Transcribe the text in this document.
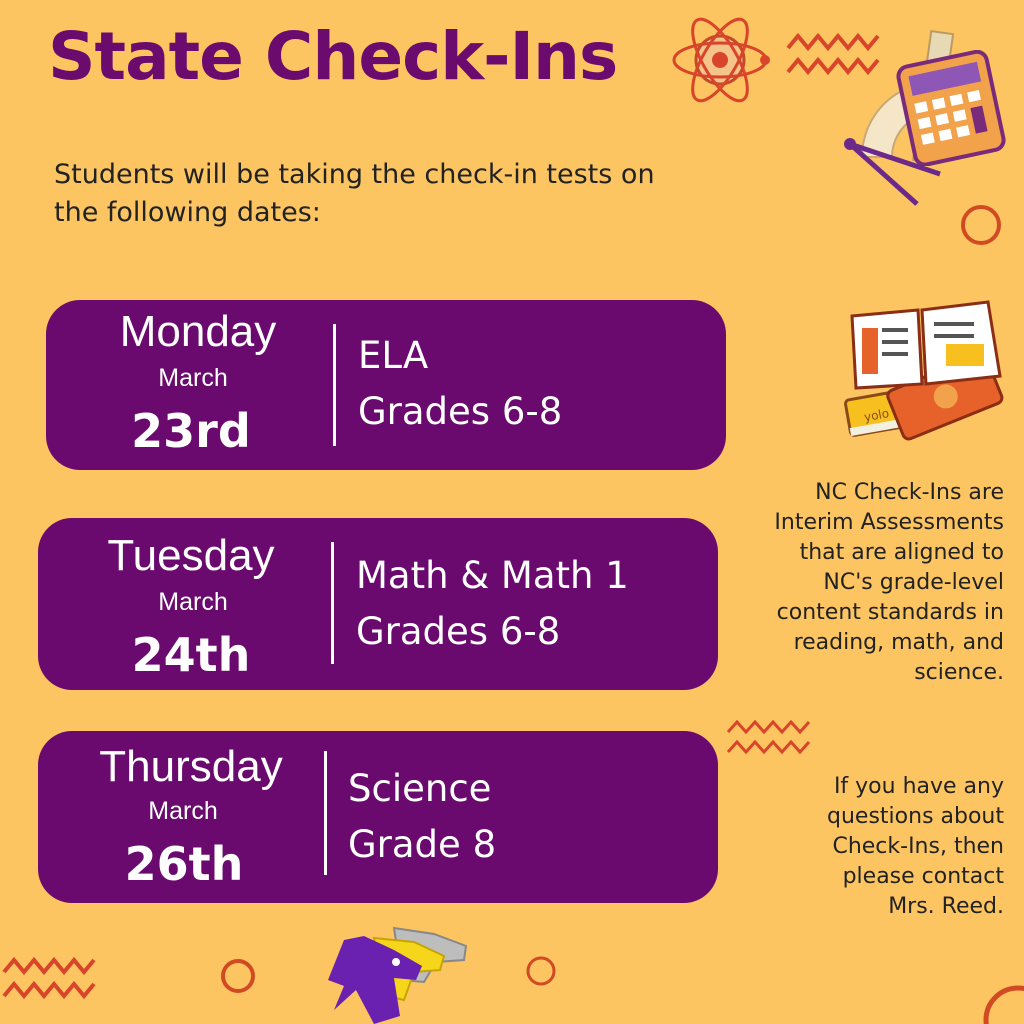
State Check-Ins

Students will be taking the check-in tests on the following dates:

Monday
March
23rd
ELA
Grades 6-8
Tuesday
March
24th
Math & Math 1
Grades 6-8
Thursday
March
26th
Science
Grade 8
yolo
NC Check-Ins are
Interim Assessments
that are aligned to
NC's grade-level
content standards in
reading, math, and
science.
If you have any
questions about
Check-Ins, then
please contact
Mrs. Reed.
